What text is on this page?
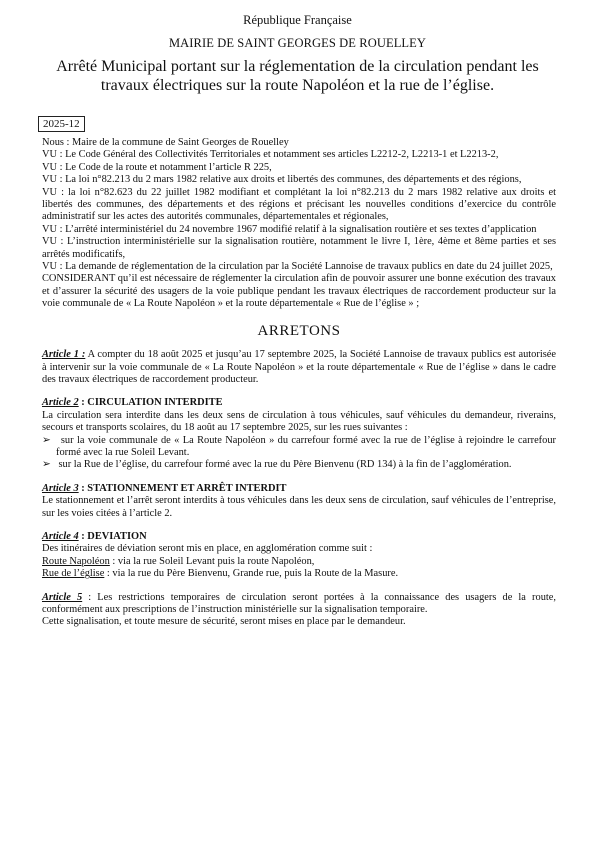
République Française
MAIRIE DE SAINT GEORGES DE ROUELLEY
Arrêté Municipal portant sur la réglementation de la circulation pendant les travaux électriques sur la route Napoléon et la rue de l’église.
2025-12

Nous : Maire de la commune de Saint Georges de Rouelley

VU : Le Code Général des Collectivités Territoriales et notamment ses articles L2212-2, L2213-1 et L2213-2,

VU : Le Code de la route et notamment l’article R 225,

VU : La loi n°82.213 du 2 mars 1982 relative aux droits et libertés des communes, des départements et des régions,

VU : la loi n°82.623 du 22 juillet 1982 modifiant et complétant la loi n°82.213 du 2 mars 1982 relative aux droits et libertés des communes, des départements et des régions et précisant les nouvelles conditions d’exercice du contrôle administratif sur les actes des autorités communales, départementales et régionales,

VU : L’arrêté interministériel du 24 novembre 1967 modifié relatif à la signalisation routière et ses textes d’application

VU : L’instruction interministérielle sur la signalisation routière, notamment le livre I, 1ère, 4ème et 8ème parties et ses arrêtés modificatifs,

VU : La demande de réglementation de la circulation par la Société Lannoise de travaux publics en date du 24 juillet 2025,

CONSIDERANT qu’il est nécessaire de réglementer la circulation afin de pouvoir assurer une bonne exécution des travaux et d’assurer la sécurité des usagers de la voie publique pendant les travaux électriques de raccordement producteur sur la voie communale de « La Route Napoléon » et la route départementale « Rue de l’église » ;

ARRETONS

Article 1 : A compter du 18 août 2025 et jusqu’au 17 septembre 2025, la Société Lannoise de travaux publics est autorisée à intervenir sur la voie communale de « La Route Napoléon » et la route départementale « Rue de l’église » dans le cadre des travaux électriques de raccordement producteur.

Article 2 : CIRCULATION INTERDITE

La circulation sera interdite dans les deux sens de circulation à tous véhicules, sauf véhicules du demandeur, riverains, secours et transports scolaires, du 18 août au 17 septembre 2025, sur les rues suivantes :

➢ sur la voie communale de « La Route Napoléon » du carrefour formé avec la rue de l’église à rejoindre le carrefour formé avec la rue Soleil Levant.

➢ sur la Rue de l’église, du carrefour formé avec la rue du Père Bienvenu (RD 134) à la fin de l’agglomération.

Article 3 : STATIONNEMENT ET ARRÊT INTERDIT

Le stationnement et l’arrêt seront interdits à tous véhicules dans les deux sens de circulation, sauf véhicules de l’entreprise, sur les voies citées à l’article 2.

Article 4 : DEVIATION

Des itinéraires de déviation seront mis en place, en agglomération comme suit :

Route Napoléon : via la rue Soleil Levant puis la route Napoléon,

Rue de l’église : via la rue du Père Bienvenu, Grande rue, puis la Route de la Masure.

Article 5 : Les restrictions temporaires de circulation seront portées à la connaissance des usagers de la route, conformément aux prescriptions de l’instruction ministérielle sur la signalisation temporaire.

Cette signalisation, et toute mesure de sécurité, seront mises en place par le demandeur.
